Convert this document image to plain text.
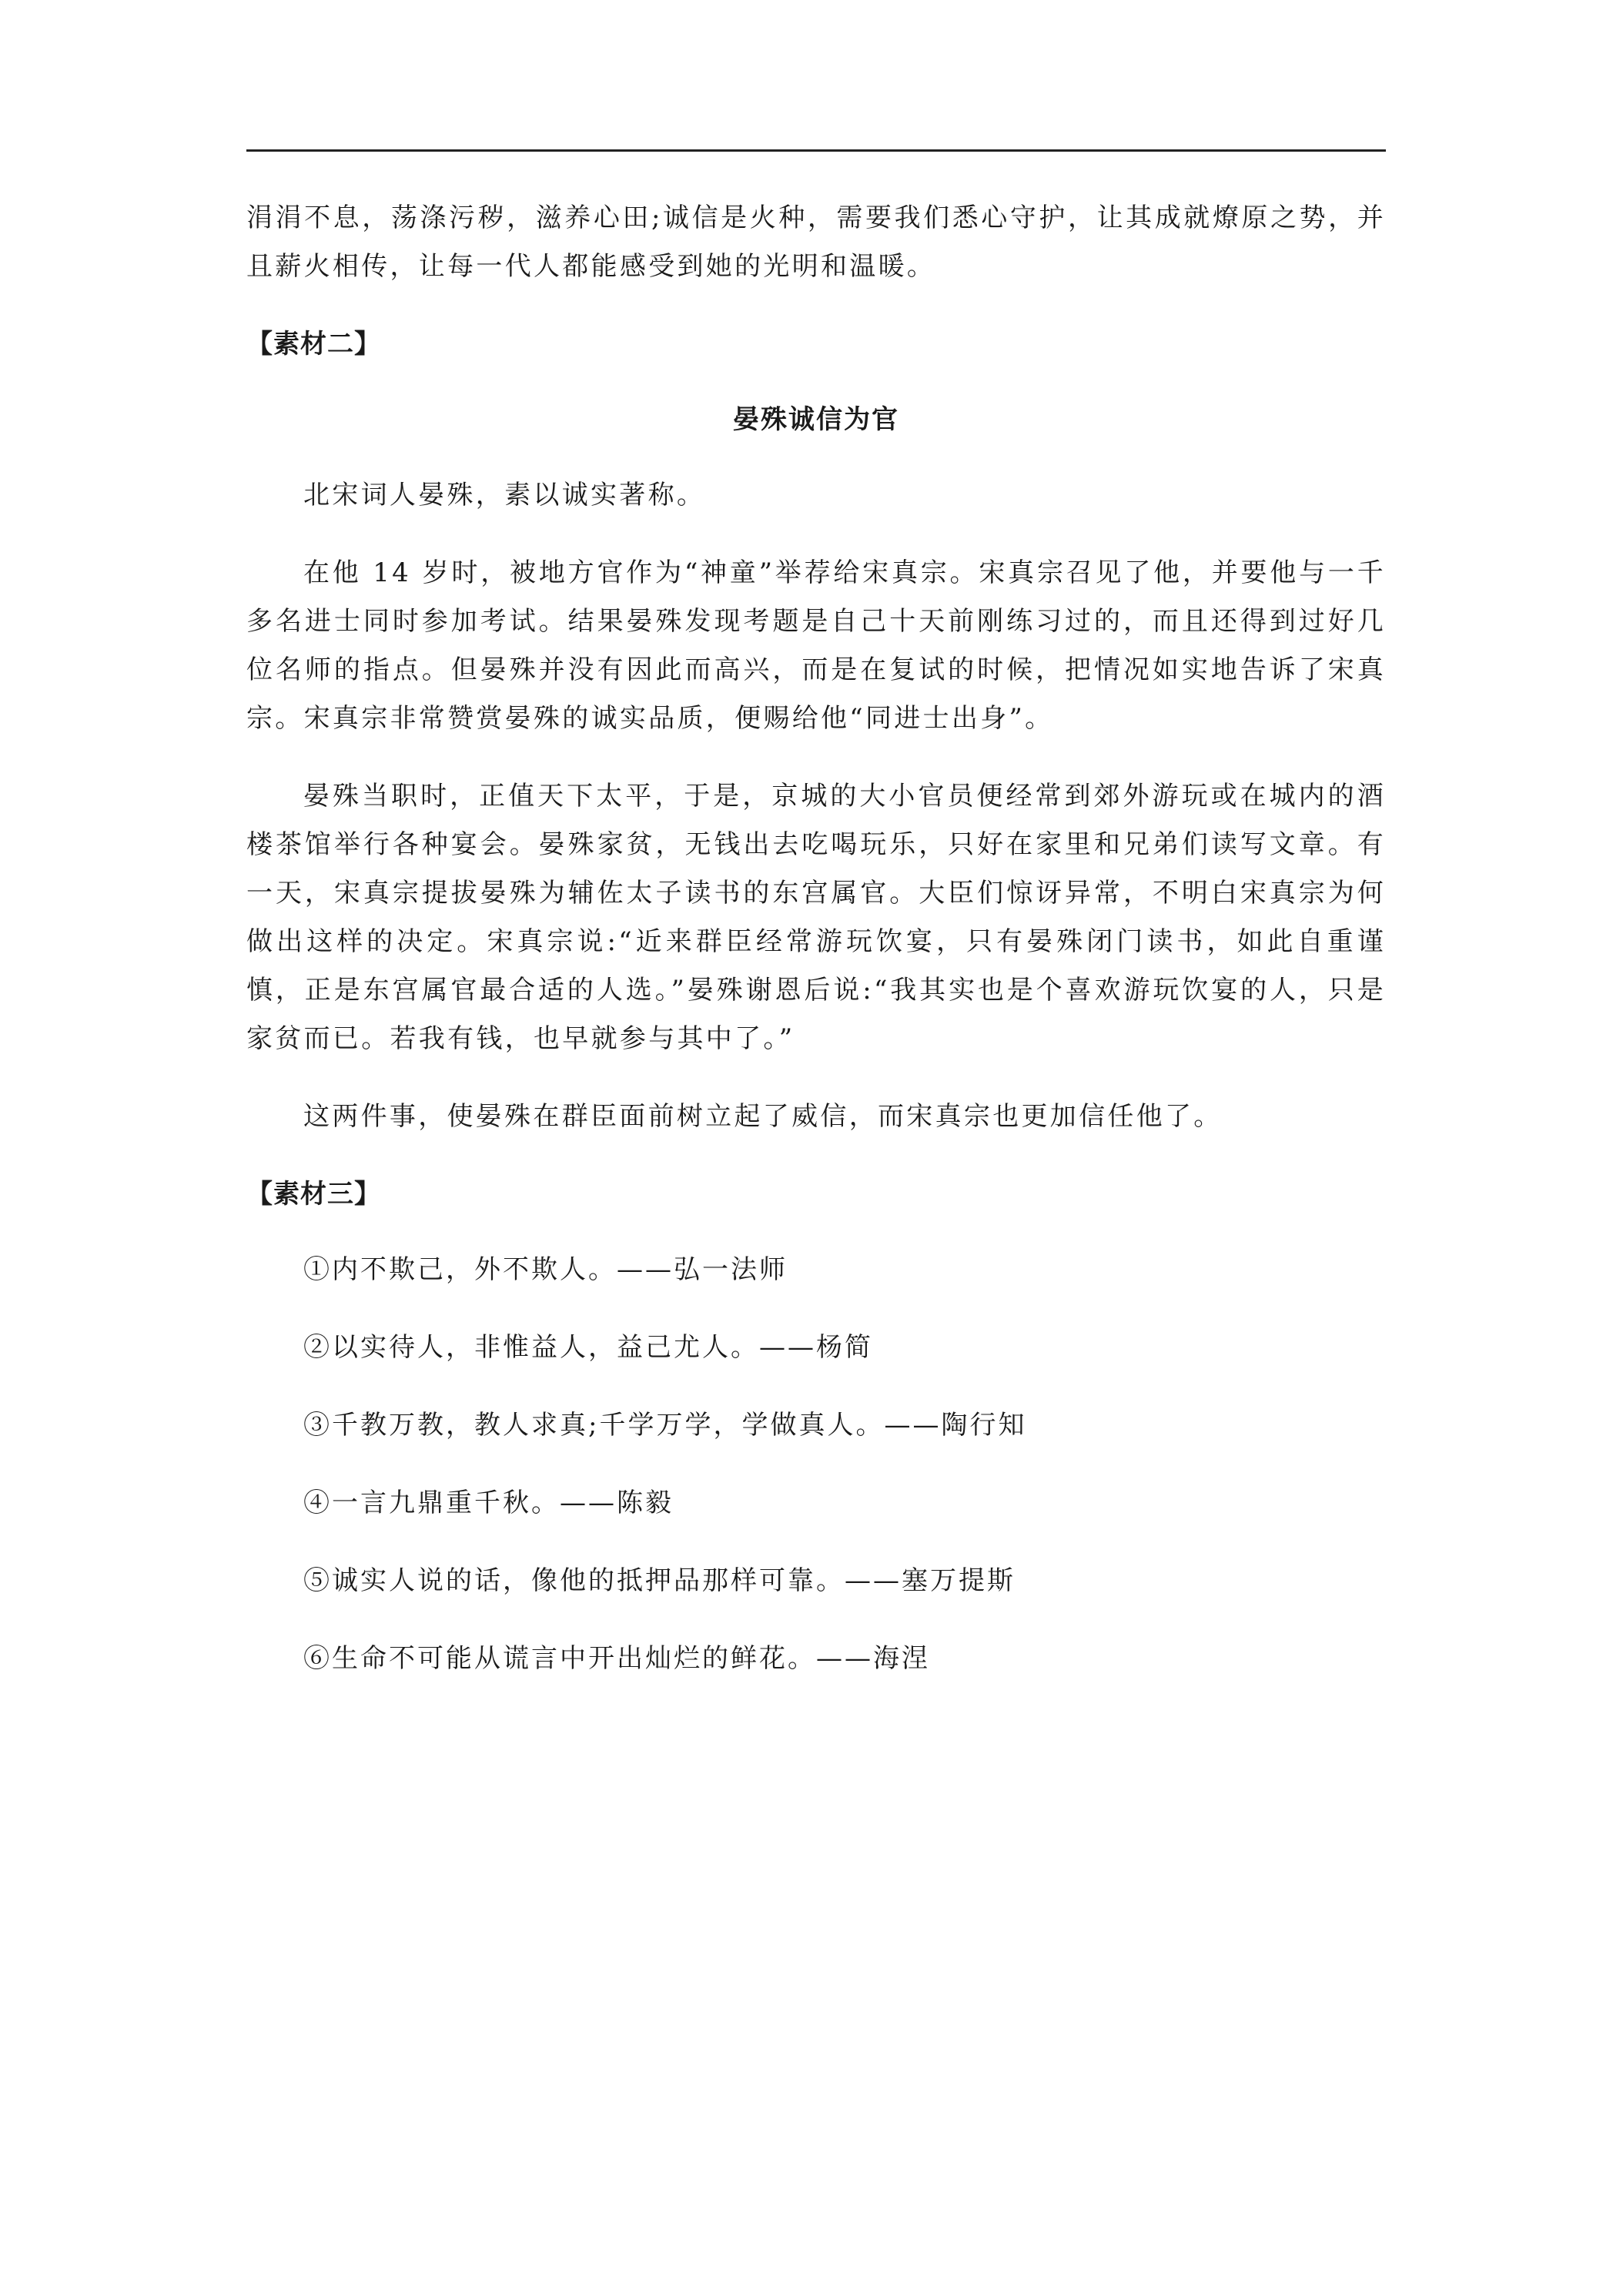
涓涓不息，荡涤污秽，滋养心田;诚信是火种，需要我们悉心守护，让其成就燎原之势，并且薪火相传，让每一代人都能感受到她的光明和温暖。

【素材二】
晏殊诚信为官

北宋词人晏殊，素以诚实著称。

在他 14 岁时，被地方官作为“神童”举荐给宋真宗。宋真宗召见了他，并要他与一千多名进士同时参加考试。结果晏殊发现考题是自己十天前刚练习过的，而且还得到过好几位名师的指点。但晏殊并没有因此而高兴，而是在复试的时候，把情况如实地告诉了宋真宗。宋真宗非常赞赏晏殊的诚实品质，便赐给他“同进士出身”。

晏殊当职时，正值天下太平，于是，京城的大小官员便经常到郊外游玩或在城内的酒楼茶馆举行各种宴会。晏殊家贫，无钱出去吃喝玩乐，只好在家里和兄弟们读写文章。有一天，宋真宗提拔晏殊为辅佐太子读书的东宫属官。大臣们惊讶异常，不明白宋真宗为何做出这样的决定。宋真宗说:“近来群臣经常游玩饮宴，只有晏殊闭门读书，如此自重谨慎，正是东宫属官最合适的人选。”晏殊谢恩后说:“我其实也是个喜欢游玩饮宴的人，只是家贫而已。若我有钱，也早就参与其中了。”

这两件事，使晏殊在群臣面前树立起了威信，而宋真宗也更加信任他了。

【素材三】

①内不欺己，外不欺人。——弘一法师

②以实待人，非惟益人，益己尤人。——杨简

③千教万教，教人求真;千学万学，学做真人。——陶行知

④一言九鼎重千秋。——陈毅

⑤诚实人说的话，像他的抵押品那样可靠。——塞万提斯

⑥生命不可能从谎言中开出灿烂的鲜花。——海涅
